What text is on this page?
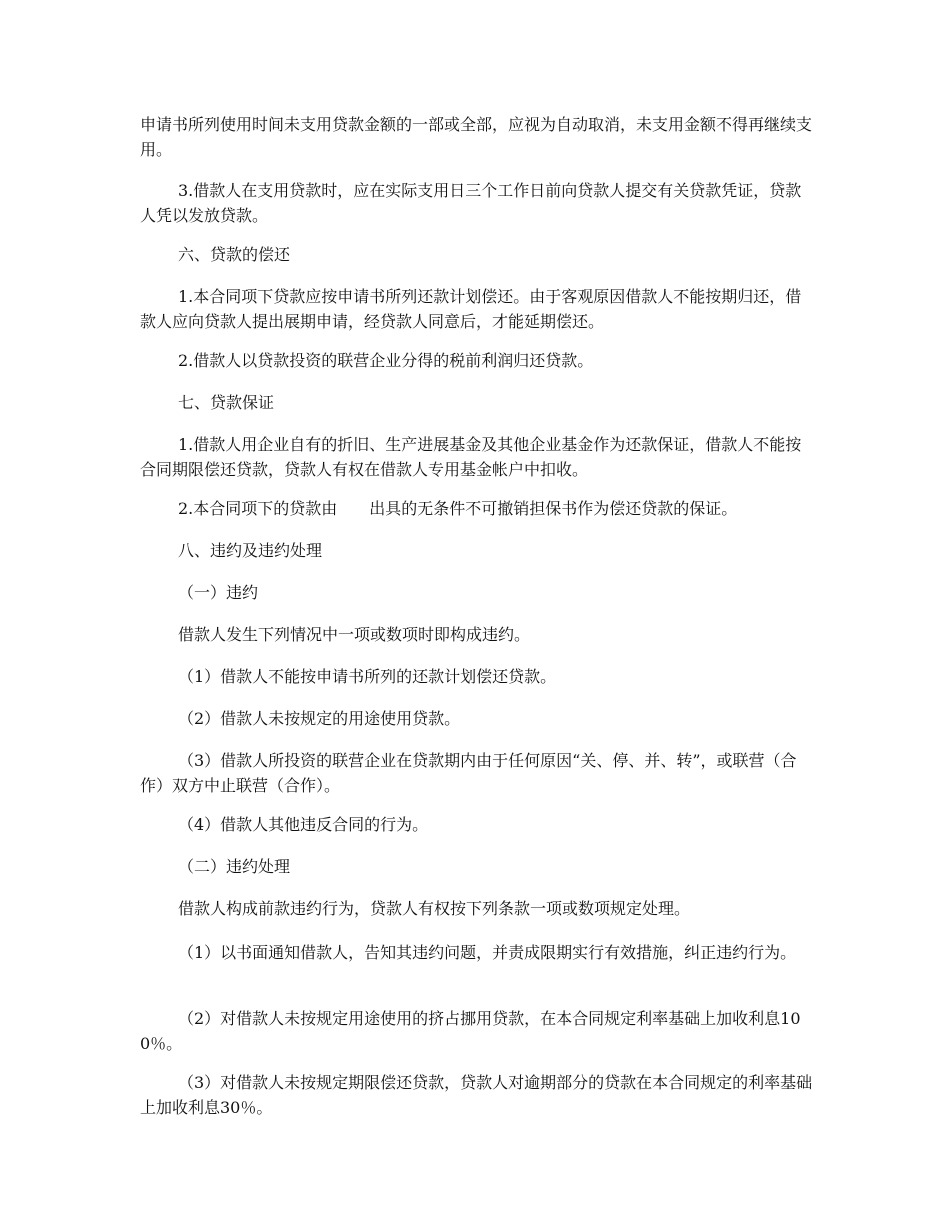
申请书所列使用时间未支用贷款金额的一部或全部，应视为自动取消，未支用金额不得再继续支用。

3.借款人在支用贷款时，应在实际支用日三个工作日前向贷款人提交有关贷款凭证，贷款人凭以发放贷款。

六、贷款的偿还

1.本合同项下贷款应按申请书所列还款计划偿还。由于客观原因借款人不能按期归还，借款人应向贷款人提出展期申请，经贷款人同意后，才能延期偿还。

2.借款人以贷款投资的联营企业分得的税前利润归还贷款。

七、贷款保证

1.借款人用企业自有的折旧、生产进展基金及其他企业基金作为还款保证，借款人不能按合同期限偿还贷款，贷款人有权在借款人专用基金帐户中扣收。

2.本合同项下的贷款由　　出具的无条件不可撤销担保书作为偿还贷款的保证。

八、违约及违约处理

（一）违约

借款人发生下列情况中一项或数项时即构成违约。

（1）借款人不能按申请书所列的还款计划偿还贷款。

（2）借款人未按规定的用途使用贷款。

（3）借款人所投资的联营企业在贷款期内由于任何原因“关、停、并、转”，或联营（合作）双方中止联营（合作）。

（4）借款人其他违反合同的行为。

（二）违约处理

借款人构成前款违约行为，贷款人有权按下列条款一项或数项规定处理。

（1）以书面通知借款人，告知其违约问题，并责成限期实行有效措施，纠正违约行为。

（2）对借款人未按规定用途使用的挤占挪用贷款，在本合同规定利率基础上加收利息100％。

（3）对借款人未按规定期限偿还贷款，贷款人对逾期部分的贷款在本合同规定的利率基础上加收利息30％。
